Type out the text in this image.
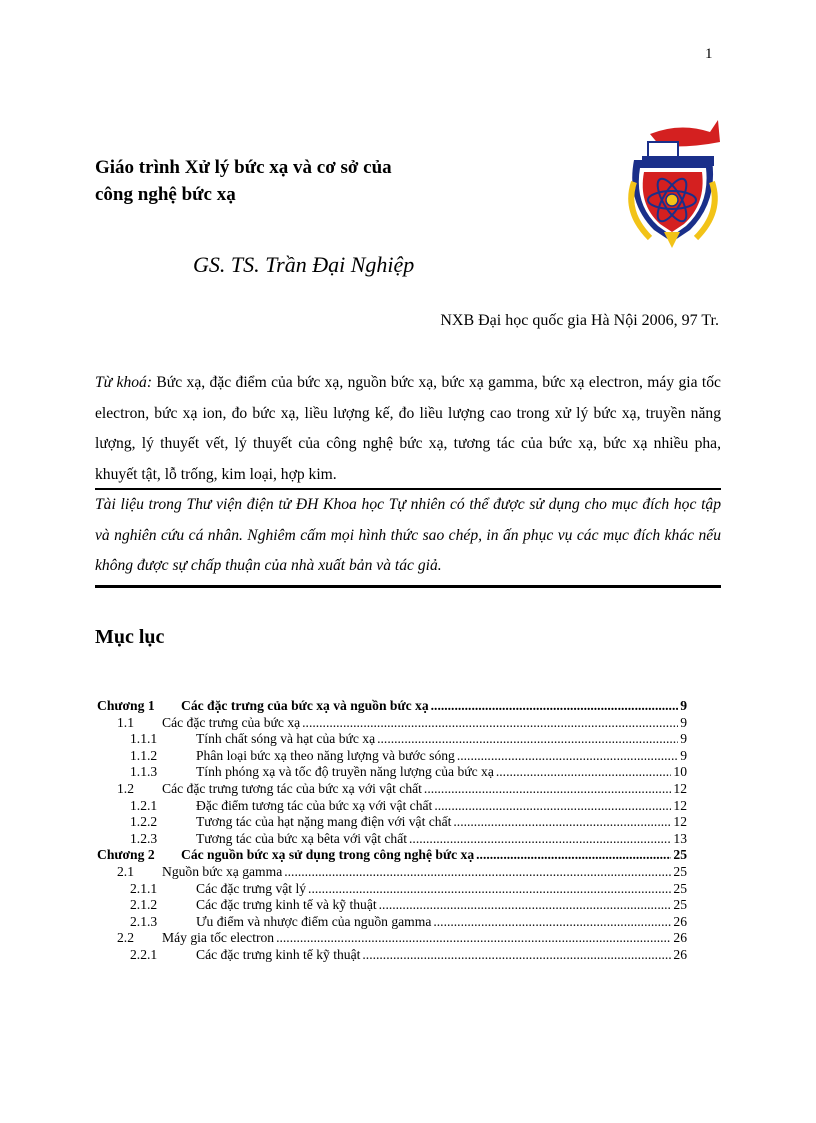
1
Giáo trình Xử lý bức xạ và cơ sở của
công nghệ bức xạ
GS. TS. Trần Đại Nghiệp
NXB Đại học quốc gia Hà Nội 2006, 97 Tr.

Từ khoá: Bức xạ, đặc điểm của bức xạ, nguồn bức xạ, bức xạ gamma, bức xạ electron, máy gia tốc electron, bức xạ ion, đo bức xạ, liều lượng kế, đo liều lượng cao trong xử lý bức xạ, truyền năng lượng, lý thuyết vết, lý thuyết của công nghệ bức xạ, tương tác của bức xạ, bức xạ nhiều pha, khuyết tật, lỗ trống, kim loại, hợp kim.

Tài liệu trong Thư viện điện tử ĐH Khoa học Tự nhiên có thể được sử dụng cho mục đích học tập và nghiên cứu cá nhân. Nghiêm cấm mọi hình thức sao chép, in ấn phục vụ các mục đích khác nếu không được sự chấp thuận của nhà xuất bản và tác giả.

Mục lục
Chương 1	Các đặc trưng của bức xạ và nguồn bức xạ .....	9
1.1	Các đặc trưng của bức xạ .....	9
1.1.1	Tính chất sóng và hạt của bức xạ .....	9
1.1.2	Phân loại bức xạ theo năng lượng và bước sóng .....	9
1.1.3	Tính phóng xạ và tốc độ truyền năng lượng của bức xạ .....	10
1.2	Các đặc trưng tương tác của bức xạ với vật chất .....	12
1.2.1	Đặc điểm tương tác của bức xạ với vật chất .....	12
1.2.2	Tương tác của hạt nặng mang điện với vật chất .....	12
1.2.3	Tương tác của bức xạ bêta với vật chất .....	13
Chương 2	Các nguồn bức xạ sử dụng trong công nghệ bức xạ .....	25
2.1	Nguồn bức xạ gamma .....	25
2.1.1	Các đặc trưng vật lý .....	25
2.1.2	Các đặc trưng kinh tế và kỹ thuật .....	25
2.1.3	Ưu điểm và nhược điểm của nguồn gamma .....	26
2.2	Máy gia tốc electron .....	26
2.2.1	Các đặc trưng kinh tế kỹ thuật .....	26
